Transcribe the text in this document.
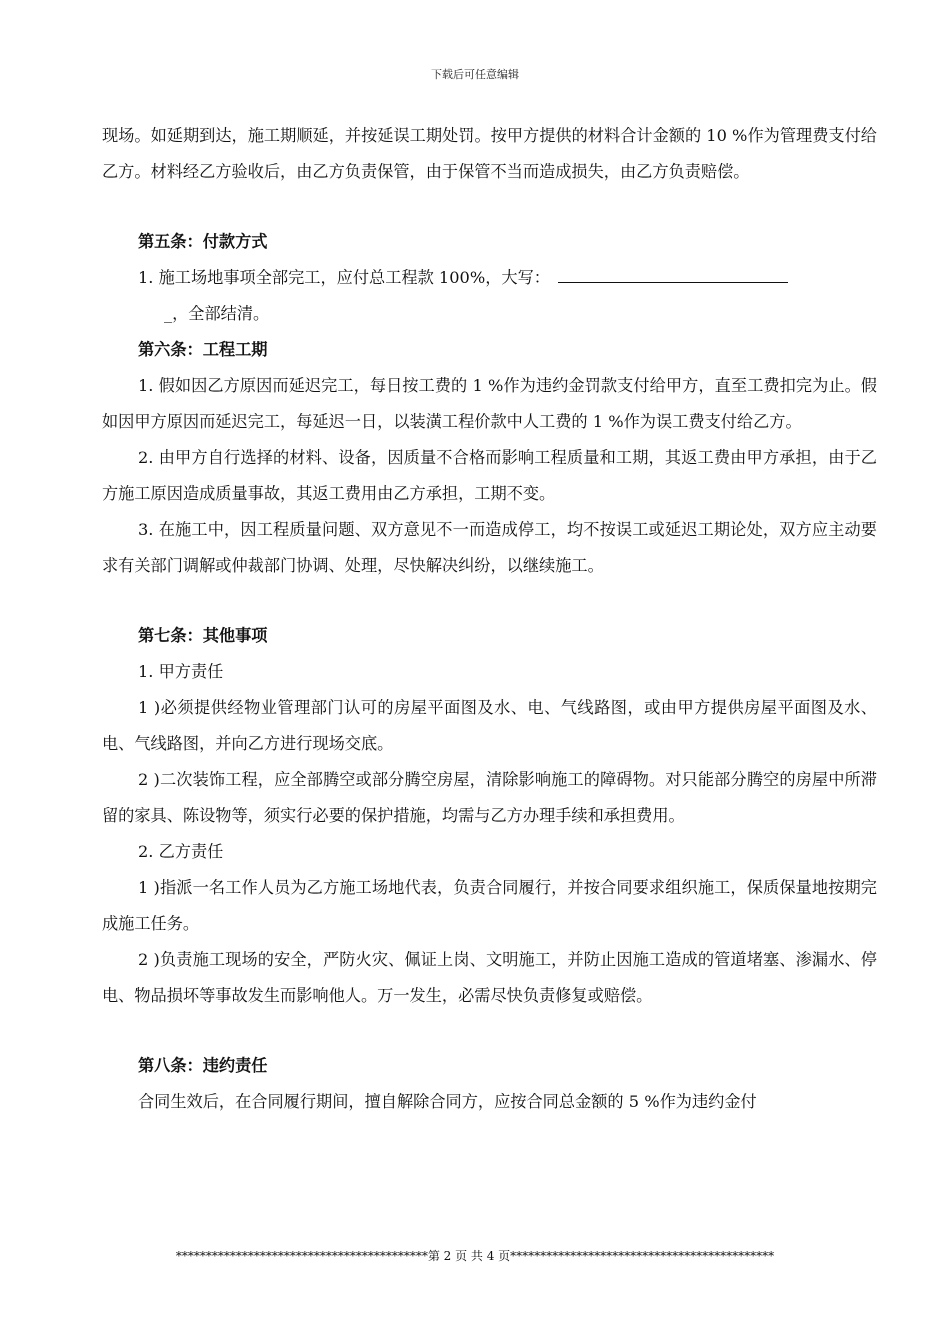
下载后可任意编辑

现场。如延期到达，施工期顺延，并按延误工期处罚。按甲方提供的材料合计金额的 10 %作为管理费支付给乙方。材料经乙方验收后，由乙方负责保管，由于保管不当而造成损失，由乙方负责赔偿。

第五条：付款方式

1. 施工场地事项全部完工，应付总工程款 100%，大写：

_，全部结清。

第六条：工程工期

1. 假如因乙方原因而延迟完工，每日按工费的 1 %作为违约金罚款支付给甲方，直至工费扣完为止。假如因甲方原因而延迟完工，每延迟一日，以装潢工程价款中人工费的 1 %作为误工费支付给乙方。

2. 由甲方自行选择的材料、设备，因质量不合格而影响工程质量和工期，其返工费由甲方承担，由于乙方施工原因造成质量事故，其返工费用由乙方承担，工期不变。

3. 在施工中，因工程质量问题、双方意见不一而造成停工，均不按误工或延迟工期论处，双方应主动要求有关部门调解或仲裁部门协调、处理，尽快解决纠纷，以继续施工。

第七条：其他事项

1. 甲方责任

1 )必须提供经物业管理部门认可的房屋平面图及水、电、气线路图，或由甲方提供房屋平面图及水、电、气线路图，并向乙方进行现场交底。

2 )二次装饰工程，应全部腾空或部分腾空房屋，清除影响施工的障碍物。对只能部分腾空的房屋中所滞留的家具、陈设物等，须实行必要的保护措施，均需与乙方办理手续和承担费用。

2. 乙方责任

1 )指派一名工作人员为乙方施工场地代表，负责合同履行，并按合同要求组织施工，保质保量地按期完成施工任务。

2 )负责施工现场的安全，严防火灾、佩证上岗、文明施工，并防止因施工造成的管道堵塞、渗漏水、停电、物品损坏等事故发生而影响他人。万一发生，必需尽快负责修复或赔偿。

第八条：违约责任

合同生效后，在合同履行期间，擅自解除合同方，应按合同总金额的 5 %作为违约金付

******************************************第 2 页 共 4 页********************************************
